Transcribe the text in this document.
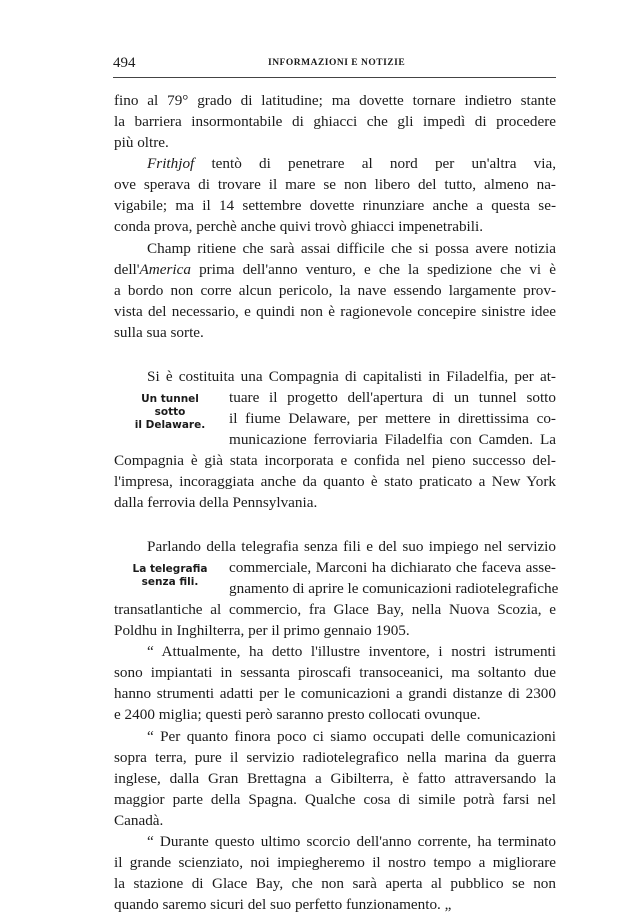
494	INFORMAZIONI E NOTIZIE
fino al 79° grado di latitudine; ma dovette tornare indietro stante
la barriera insormontabile di ghiacci che gli impedì di procedere
più oltre.
Frithjof tentò di penetrare al nord per un'altra via,
ove sperava di trovare il mare se non libero del tutto, almeno na-
vigabile; ma il 14 settembre dovette rinunziare anche a questa se-
conda prova, perchè anche quivi trovò ghiacci impenetrabili.
Champ ritiene che sarà assai difficile che si possa avere notizia
dell'America prima dell'anno venturo, e che la spedizione che vi è
a bordo non corre alcun pericolo, la nave essendo largamente prov-
vista del necessario, e quindi non è ragionevole concepire sinistre idee
sulla sua sorte.
Si è costituita una Compagnia di capitalisti in Filadelfia, per at-
tuare il progetto dell'apertura di un tunnel sotto
il fiume Delaware, per mettere in direttissima co-
municazione ferroviaria Filadelfia con Camden. La
Compagnia è già stata incorporata e confida nel pieno successo del-
l'impresa, incoraggiata anche da quanto è stato praticato a New York
dalla ferrovia della Pennsylvania.
Un tunnel
sotto
il Delaware.
Parlando della telegrafia senza fili e del suo impiego nel servizio
commerciale, Marconi ha dichiarato che faceva asse-
gnamento di aprire le comunicazioni radiotelegrafiche
transatlantiche al commercio, fra Glace Bay, nella Nuova Scozia, e
Poldhu in Inghilterra, per il primo gennaio 1905.
La telegrafia
senza fili.
“ Attualmente, ha detto l'illustre inventore, i nostri istrumenti
sono impiantati in sessanta piroscafi transoceanici, ma soltanto due
hanno strumenti adatti per le comunicazioni a grandi distanze di 2300
e 2400 miglia; questi però saranno presto collocati ovunque.
“ Per quanto finora poco ci siamo occupati delle comunicazioni
sopra terra, pure il servizio radiotelegrafico nella marina da guerra
inglese, dalla Gran Brettagna a Gibilterra, è fatto attraversando la
maggior parte della Spagna. Qualche cosa di simile potrà farsi nel
Canadà.
“ Durante questo ultimo scorcio dell'anno corrente, ha terminato
il grande scienziato, noi impiegheremo il nostro tempo a migliorare
la stazione di Glace Bay, che non sarà aperta al pubblico se non
quando saremo sicuri del suo perfetto funzionamento. „
